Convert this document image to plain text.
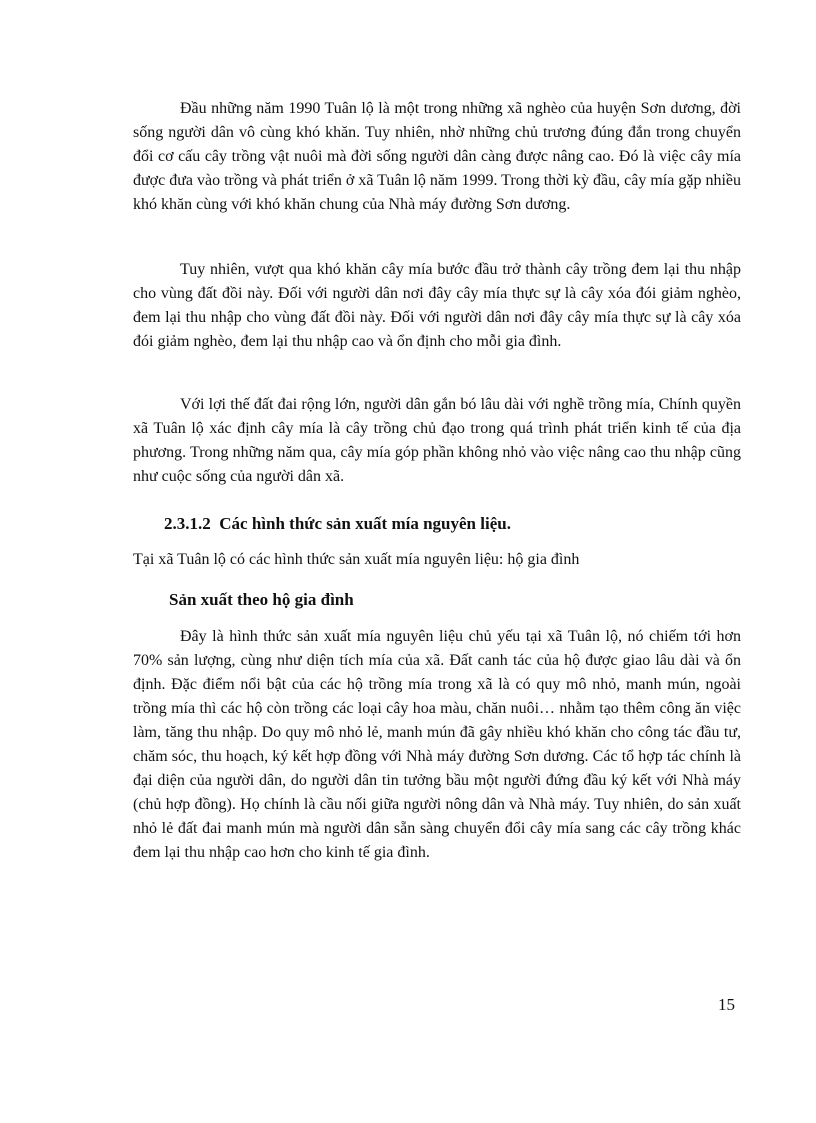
Đầu những năm 1990 Tuân lộ là một trong những xã nghèo của huyện Sơn dương, đời sống người dân vô cùng khó khăn. Tuy nhiên, nhờ những chủ trương đúng đắn trong chuyển đổi cơ cấu cây trồng vật nuôi mà đời sống người dân càng được nâng cao. Đó là việc cây mía được đưa vào trồng và phát triển ở xã Tuân lộ năm 1999. Trong thời kỳ đầu, cây mía gặp nhiều khó khăn cùng với khó khăn chung của Nhà máy đường Sơn dương.

Tuy nhiên, vượt qua khó khăn cây mía bước đầu trở thành cây trồng đem lại thu nhập cho vùng đất đồi này. Đối với người dân nơi đây cây mía thực sự là cây xóa đói giảm nghèo, đem lại thu nhập cho vùng đất đồi này. Đối với người dân nơi đây cây mía thực sự là cây xóa đói giảm nghèo, đem lại thu nhập cao và ổn định cho mỗi gia đình.

Với lợi thế đất đai rộng lớn, người dân gắn bó lâu dài với nghề trồng mía, Chính quyền xã Tuân lộ xác định cây mía là cây trồng chủ đạo trong quá trình phát triển kinh tế của địa phương. Trong những năm qua, cây mía góp phần không nhỏ vào việc nâng cao thu nhập cũng như cuộc sống của người dân xã.

2.3.1.2 Các hình thức sản xuất mía nguyên liệu.

Tại xã Tuân lộ có các hình thức sản xuất mía nguyên liệu: hộ gia đình

Sản xuất theo hộ gia đình

Đây là hình thức sản xuất mía nguyên liệu chủ yếu tại xã Tuân lộ, nó chiếm tới hơn 70% sản lượng, cùng như diện tích mía của xã. Đất canh tác của hộ được giao lâu dài và ổn định. Đặc điểm nổi bật của các hộ trồng mía trong xã là có quy mô nhỏ, manh mún, ngoài trồng mía thì các hộ còn trồng các loại cây hoa màu, chăn nuôi… nhằm tạo thêm công ăn việc làm, tăng thu nhập. Do quy mô nhỏ lẻ, manh mún đã gây nhiều khó khăn cho công tác đầu tư, chăm sóc, thu hoạch, ký kết hợp đồng với Nhà máy đường Sơn dương. Các tổ hợp tác chính là đại diện của người dân, do người dân tin tưởng bầu một người đứng đầu ký kết với Nhà máy (chủ hợp đồng). Họ chính là cầu nối giữa người nông dân và Nhà máy. Tuy nhiên, do sản xuất nhỏ lẻ đất đai manh mún mà người dân sẵn sàng chuyển đổi cây mía sang các cây trồng khác đem lại thu nhập cao hơn cho kinh tế gia đình.

15
